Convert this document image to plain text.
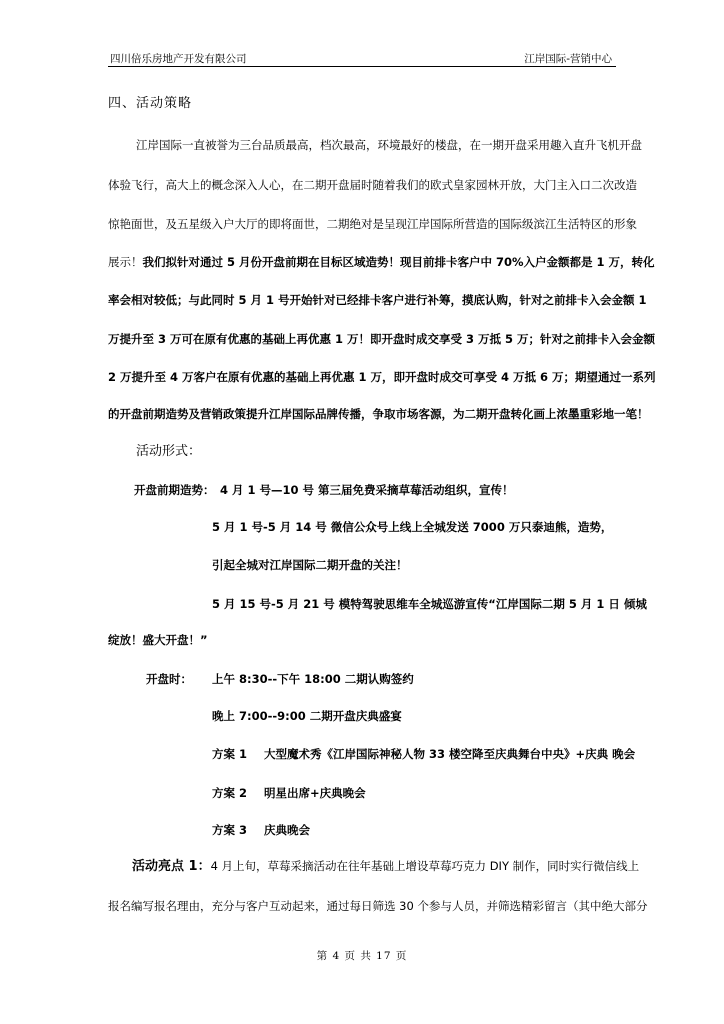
四川倍乐房地产开发有限公司	江岸国际-营销中心
四、活动策略
江岸国际一直被誉为三台品质最高，档次最高，环境最好的楼盘，在一期开盘采用趣入直升飞机开盘
体验飞行，高大上的概念深入人心，在二期开盘届时随着我们的欧式皇家园林开放，大门主入口二次改造
惊艳面世，及五星级入户大厅的即将面世，二期绝对是呈现江岸国际所营造的国际级滨江生活特区的形象
展示！我们拟针对通过 5 月份开盘前期在目标区域造势！现目前排卡客户中 70%入户金额都是 1 万，转化
率会相对较低；与此同时 5 月 1 号开始针对已经排卡客户进行补筹，摸底认购，针对之前排卡入会金额 1
万提升至 3 万可在原有优惠的基础上再优惠 1 万！即开盘时成交享受 3 万抵 5 万；针对之前排卡入会金额
2 万提升至 4 万客户在原有优惠的基础上再优惠 1 万，即开盘时成交可享受 4 万抵 6 万；期望通过一系列
的开盘前期造势及营销政策提升江岸国际品牌传播，争取市场客源，为二期开盘转化画上浓墨重彩地一笔！
活动形式：
开盘前期造势： 4 月 1 号—10 号 第三届免费采摘草莓活动组织，宣传！
5 月 1 号-5 月 14 号 微信公众号上线上全城发送 7000 万只泰迪熊，造势，
引起全城对江岸国际二期开盘的关注！
5 月 15 号-5 月 21 号 模特驾驶思维车全城巡游宣传“江岸国际二期 5 月 1 日 倾城
绽放！盛大开盘！”
开盘时： 上午 8:30--下午 18:00 二期认购签约
晚上 7:00--9:00 二期开盘庆典盛宴
方案 1 大型魔术秀《江岸国际神秘人物 33 楼空降至庆典舞台中央》+庆典 晚会
方案 2 明星出席+庆典晚会
方案 3 庆典晚会
活动亮点 1：4 月上旬，草莓采摘活动在往年基础上增设草莓巧克力 DIY 制作，同时实行微信线上
报名编写报名理由，充分与客户互动起来，通过每日筛选 30 个参与人员，并筛选精彩留言（其中绝大部分
第 4 页 共 17 页
